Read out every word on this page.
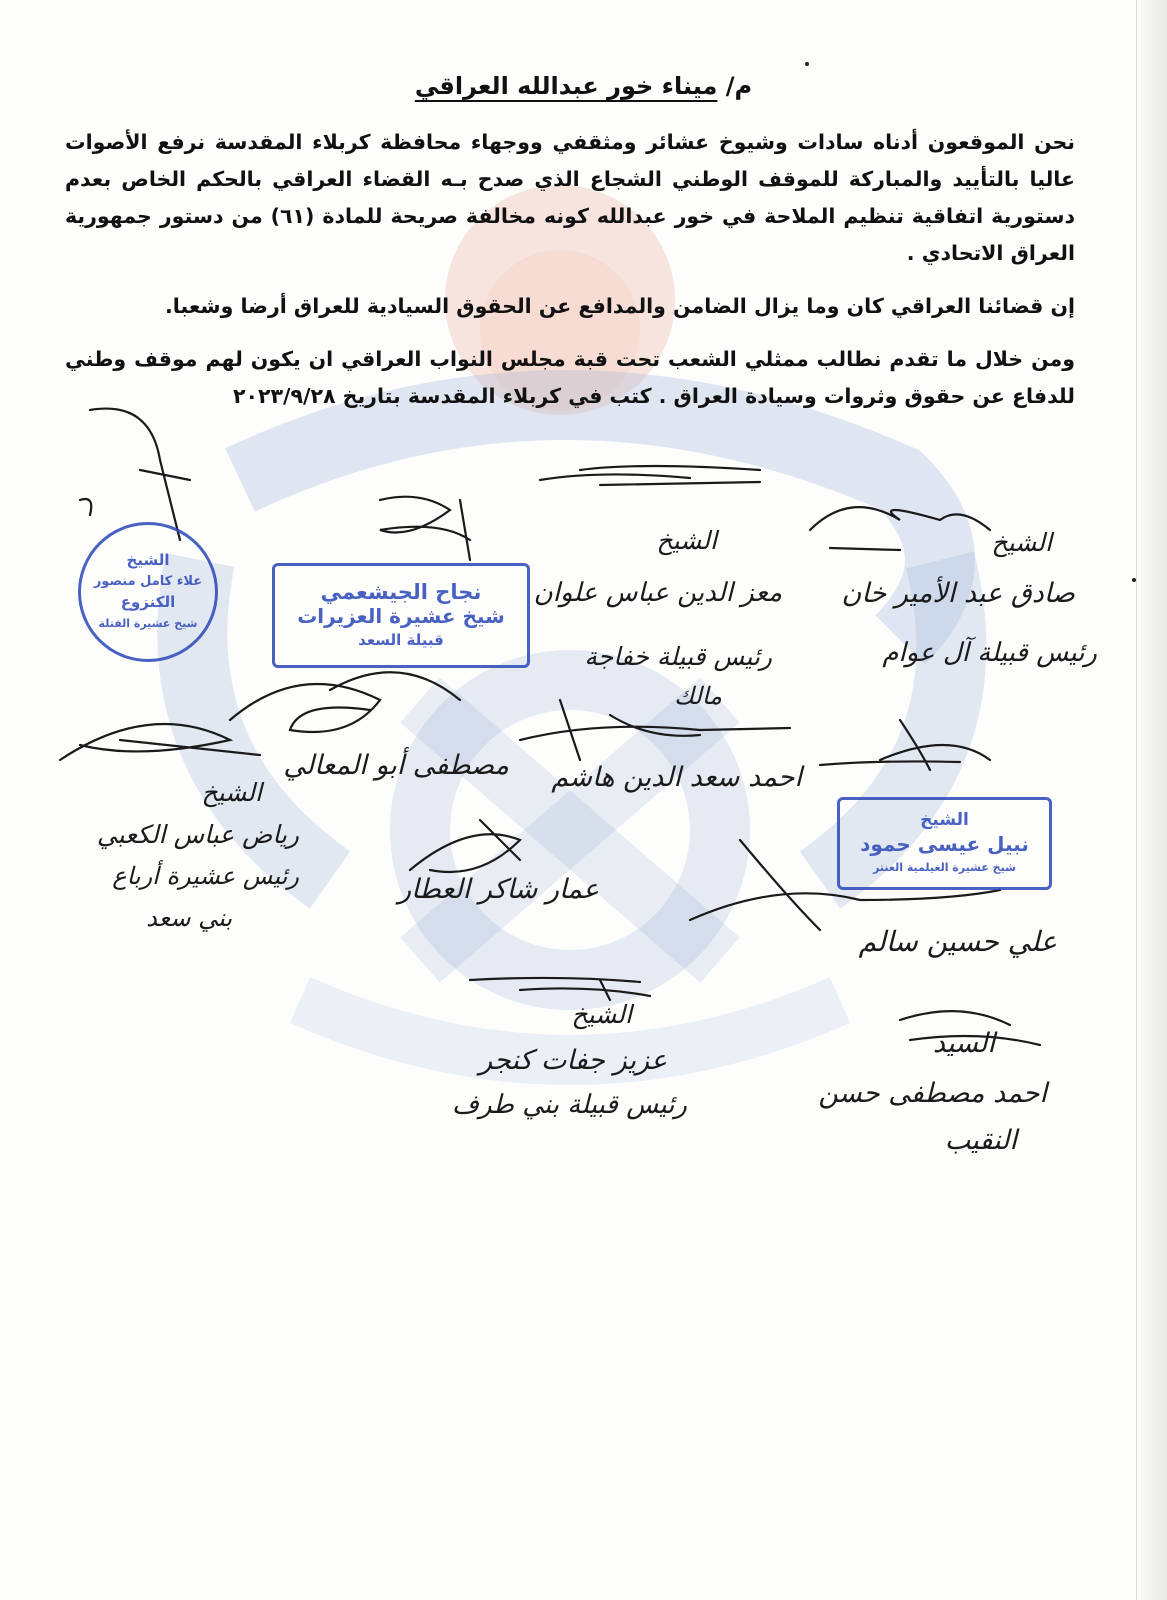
م/ ميناء خور عبدالله العراقي

نحن الموقعون أدناه سادات وشيوخ عشائر ومثقفي ووجهاء محافظة كربلاء المقدسة نرفع الأصوات عاليا بالتأييد والمباركة للموقف الوطني الشجاع الذي صدح بـه القضاء العراقي بالحكم الخاص بعدم دستورية اتفاقية تنظيم الملاحة في خور عبدالله كونه مخالفة صريحة للمادة (٦١) من دستور جمهورية العراق الاتحادي .

إن قضائنا العراقي كان وما يزال الضامن والمدافع عن الحقوق السيادية للعراق أرضا وشعبا.

ومن خلال ما تقدم نطالب ممثلي الشعب تحت قبة مجلس النواب العراقي ان يكون لهم موقف وطني للدفاع عن حقوق وثروات وسيادة العراق . كتب في كربلاء المقدسة بتاريخ ٢٠٢٣/٩/٢٨

الشيخ
علاء كامل منصور
الكنزوع
شيخ عشيرة الفتلة
نجاح الجيشعمي
شيخ عشيرة العزيرات
قبيلة السعد
الشيخ
نبيل عيسى حمود
شيخ عشيرة الغيلمية العنتر
الشيخ
صادق عبد الأمير خان
رئيس قبيلة آل عوام
الشيخ
معز الدين عباس علوان
رئيس قبيلة خفاجة
مالك
مصطفى أبو المعالي احمد سعد الدين هاشم
الشيخ
رياض عباس الكعبي
رئيس عشيرة أرباع
بني سعد
عمار شاكر العطار
علي حسين سالم
الشيخ
عزيز جفات كنجر
رئيس قبيلة بني طرف
السيد
احمد مصطفى حسن
النقيب
